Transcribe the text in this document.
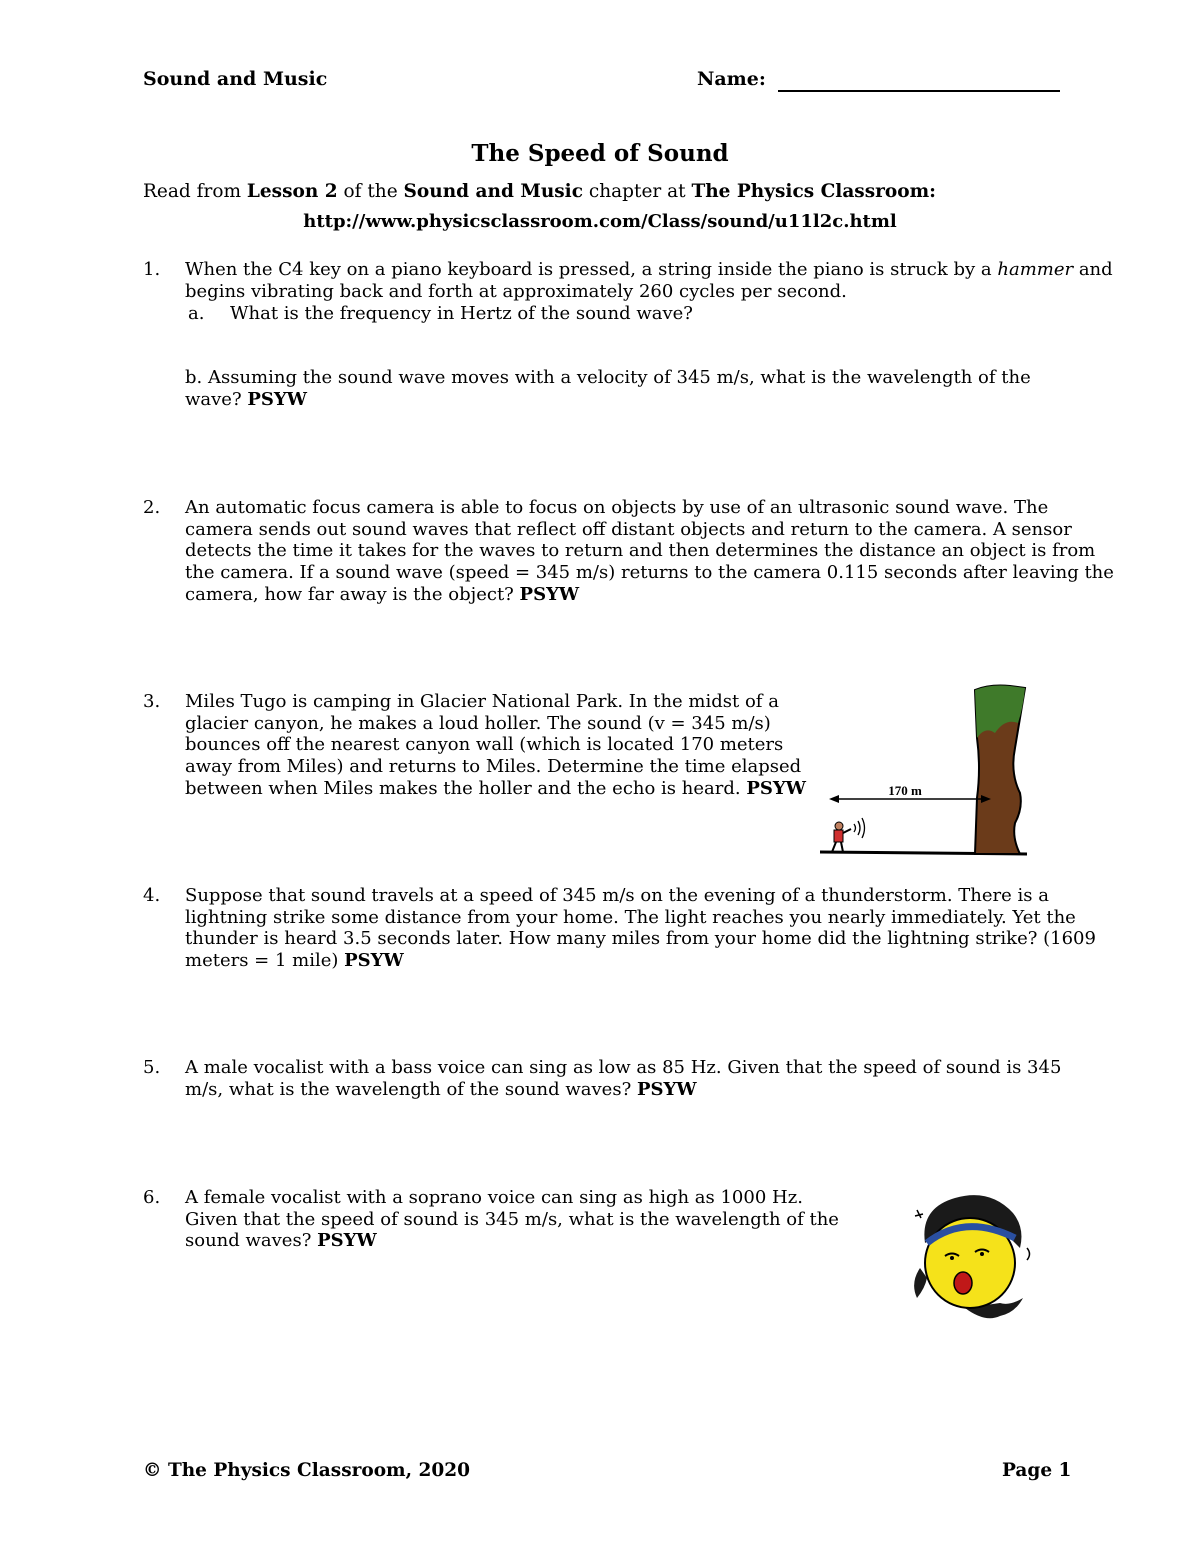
Sound and Music	Name:
The Speed of Sound
Read from Lesson 2 of the Sound and Music chapter at The Physics Classroom:
http://www.physicsclassroom.com/Class/sound/u11l2c.html
1. When the C4 key on a piano keyboard is pressed, a string inside the piano is struck by a hammer and
begins vibrating back and forth at approximately 260 cycles per second.
a. What is the frequency in Hertz of the sound wave?
b. Assuming the sound wave moves with a velocity of 345 m/s, what is the wavelength of the
wave? PSYW
2. An automatic focus camera is able to focus on objects by use of an ultrasonic sound wave. The
camera sends out sound waves that reflect off distant objects and return to the camera. A sensor
detects the time it takes for the waves to return and then determines the distance an object is from
the camera. If a sound wave (speed = 345 m/s) returns to the camera 0.115 seconds after leaving the
camera, how far away is the object? PSYW
3. Miles Tugo is camping in Glacier National Park. In the midst of a
glacier canyon, he makes a loud holler. The sound (v = 345 m/s)
bounces off the nearest canyon wall (which is located 170 meters
away from Miles) and returns to Miles. Determine the time elapsed
between when Miles makes the holler and the echo is heard. PSYW	170 m
4. Suppose that sound travels at a speed of 345 m/s on the evening of a thunderstorm. There is a
lightning strike some distance from your home. The light reaches you nearly immediately. Yet the
thunder is heard 3.5 seconds later. How many miles from your home did the lightning strike? (1609
meters = 1 mile) PSYW
5. A male vocalist with a bass voice can sing as low as 85 Hz. Given that the speed of sound is 345
m/s, what is the wavelength of the sound waves? PSYW
6. A female vocalist with a soprano voice can sing as high as 1000 Hz.
Given that the speed of sound is 345 m/s, what is the wavelength of the
sound waves? PSYW
© The Physics Classroom, 2020	Page 1
